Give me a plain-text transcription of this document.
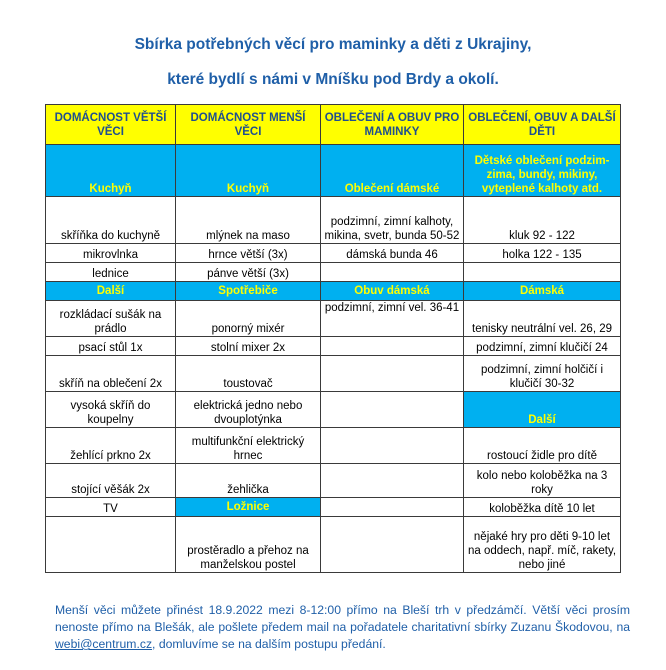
Sbírka potřebných věcí pro maminky a děti z Ukrajiny,
které bydlí s námi v Mníšku pod Brdy a okolí.
DOMÁCNOST VĚTŠÍ VĚCI	DOMÁCNOST MENŠÍ VĚCI	OBLEČENÍ A OBUV PRO MAMINKY	OBLEČENÍ, OBUV A DALŠÍ DĚTI
Kuchyň	Kuchyň	Oblečení dámské	Dětské oblečení podzim-zima, bundy, mikiny, vyteplené kalhoty atd.
skříňka do kuchyně	mlýnek na maso	podzimní, zimní kalhoty, mikina, svetr, bunda 50-52	kluk 92 - 122
mikrovlnka	hrnce větší (3x)	dámská bunda 46	holka 122 - 135
lednice	pánve větší (3x)		
Další	Spotřebiče	Obuv dámská	Dámská
rozkládací sušák na prádlo	ponorný mixér	podzimní, zimní vel. 36-41	tenisky neutrální vel. 26, 29
psací stůl 1x	stolní mixer 2x		podzimní, zimní klučičí 24
skříň na oblečení 2x	toustovač		podzimní, zimní holčičí i klučičí 30-32
vysoká skříň do koupelny	elektrická jedno nebo dvouplotýnka		Další
žehlící prkno 2x	multifunkční elektrický hrnec		rostoucí židle pro dítě
stojící věšák 2x	žehlička		kolo nebo koloběžka na 3 roky
TV	Ložnice		koloběžka dítě 10 let
	prostěradlo a přehoz na manželskou postel		nějaké hry pro děti 9-10 let na oddech, např. míč, rakety, nebo jiné
Menší věci můžete přinést 18.9.2022 mezi 8-12:00 přímo na Bleší trh v předzámčí. Větší věci prosím nenoste přímo na Blešák, ale pošlete předem mail na pořadatele charitativní sbírky Zuzanu Škodovou, na webi@centrum.cz, domluvíme se na dalším postupu předání.
